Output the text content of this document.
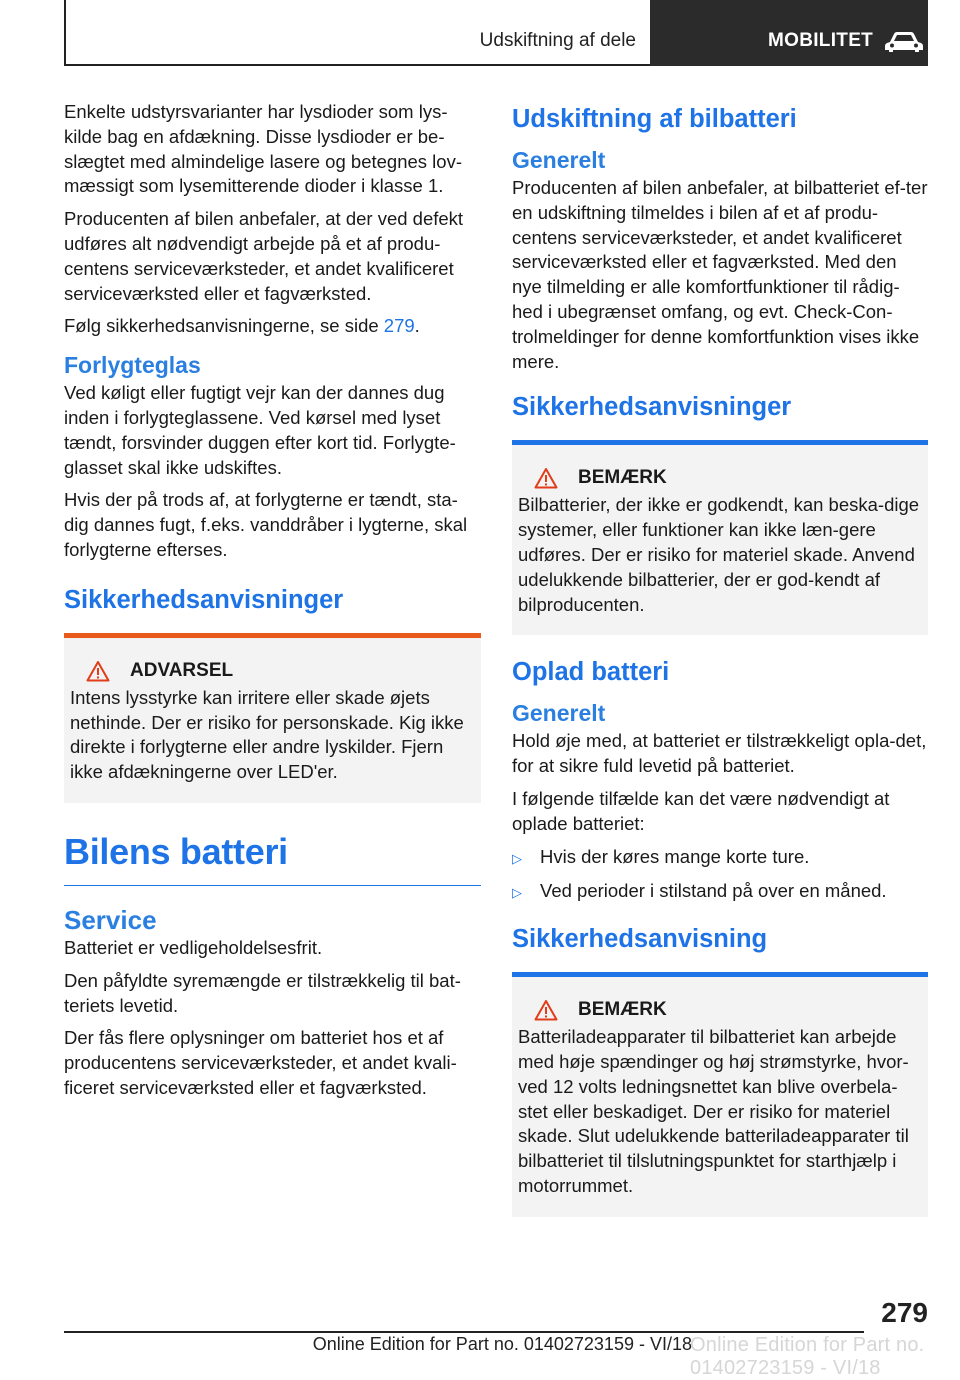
Udskiftning af dele	MOBILITET

Enkelte udstyrsvarianter har lysdioder som lys-kilde bag en afdækning. Disse lysdioder er be-slægtet med almindelige lasere og betegnes lov-mæssigt som lysemitterende dioder i klasse 1.

Producenten af bilen anbefaler, at der ved defekt udføres alt nødvendigt arbejde på et af produ-centens serviceværksteder, et andet kvalificeret serviceværksted eller et fagværksted.

Følg sikkerhedsanvisningerne, se side 279.

Forlygteglas

Ved køligt eller fugtigt vejr kan der dannes dug inden i forlygteglassene. Ved kørsel med lyset tændt, forsvinder duggen efter kort tid. Forlygte-glasset skal ikke udskiftes.

Hvis der på trods af, at forlygterne er tændt, sta-dig dannes fugt, f.eks. vanddråber i lygterne, skal forlygterne efterses.

Sikkerhedsanvisninger
ADVARSEL

Intens lysstyrke kan irritere eller skade øjets nethinde. Der er risiko for personskade. Kig ikke direkte i forlygterne eller andre lyskilder. Fjern ikke afdækningerne over LED'er.

Bilens batteri
Service

Batteriet er vedligeholdelsesfrit.

Den påfyldte syremængde er tilstrækkelig til bat-teriets levetid.

Der fås flere oplysninger om batteriet hos et af producentens serviceværksteder, et andet kvali-ficeret serviceværksted eller et fagværksted.

Udskiftning af bilbatteri
Generelt

Producenten af bilen anbefaler, at bilbatteriet ef-ter en udskiftning tilmeldes i bilen af et af produ-centens serviceværksteder, et andet kvalificeret serviceværksted eller et fagværksted. Med den nye tilmelding er alle komfortfunktioner til rådig-hed i ubegrænset omfang, og evt. Check-Con-trolmeldinger for denne komfortfunktion vises ikke mere.

Sikkerhedsanvisninger
BEMÆRK

Bilbatterier, der ikke er godkendt, kan beska-dige systemer, eller funktioner kan ikke læn-gere udføres. Der er risiko for materiel skade. Anvend udelukkende bilbatterier, der er god-kendt af bilproducenten.

Oplad batteri
Generelt

Hold øje med, at batteriet er tilstrækkeligt opla-det, for at sikre fuld levetid på batteriet.

I følgende tilfælde kan det være nødvendigt at oplade batteriet:

▷ Hvis der køres mange korte ture.
▷ Ved perioder i stilstand på over en måned.
Sikkerhedsanvisning
BEMÆRK

Batteriladeapparater til bilbatteriet kan arbejde med høje spændinger og høj strømstyrke, hvor-ved 12 volts ledningsnettet kan blive overbela-stet eller beskadiget. Der er risiko for materiel skade. Slut udelukkende batteriladeapparater til bilbatteriet til tilslutningspunktet for starthjælp i motorrummet.

279
Online Edition for Part no. 01402723159 - VI/18
Online Edition for Part no. 01402723159 - VI/18
